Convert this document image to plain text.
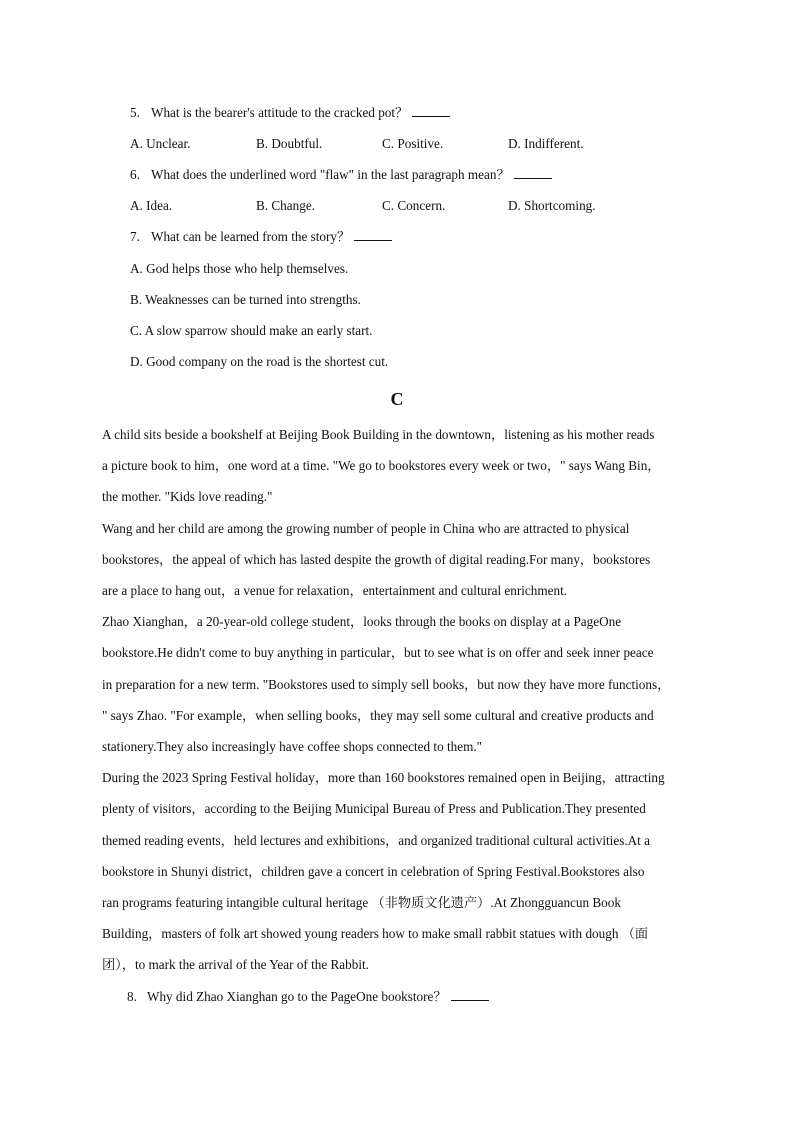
5. What is the bearer's attitude to the cracked pot？
A. Unclear.	B. Doubtful.	C. Positive.	D. Indifferent.
6. What does the underlined word "flaw" in the last paragraph mean？
A. Idea.	B. Change.	C. Concern.	D. Shortcoming.
7. What can be learned from the story？
A. God helps those who help themselves.
B. Weaknesses can be turned into strengths.
C. A slow sparrow should make an early start.
D. Good company on the road is the shortest cut.
C
A child sits beside a bookshelf at Beijing Book Building in the downtown，listening as his mother reads
a picture book to him，one word at a time. "We go to bookstores every week or two，" says Wang Bin，
the mother. "Kids love reading."
Wang and her child are among the growing number of people in China who are attracted to physical
bookstores，the appeal of which has lasted despite the growth of digital reading.For many，bookstores
are a place to hang out，a venue for relaxation，entertainment and cultural enrichment.
Zhao Xianghan，a 20-year-old college student，looks through the books on display at a PageOne
bookstore.He didn't come to buy anything in particular，but to see what is on offer and seek inner peace
in preparation for a new term. "Bookstores used to simply sell books，but now they have more functions，
" says Zhao. "For example，when selling books，they may sell some cultural and creative products and
stationery.They also increasingly have coffee shops connected to them."
During the 2023 Spring Festival holiday，more than 160 bookstores remained open in Beijing，attracting
plenty of visitors，according to the Beijing Municipal Bureau of Press and Publication.They presented
themed reading events，held lectures and exhibitions，and organized traditional cultural activities.At a
bookstore in Shunyi district，children gave a concert in celebration of Spring Festival.Bookstores also
ran programs featuring intangible cultural heritage （非物质文化遗产）.At Zhongguancun Book
Building，masters of folk art showed young readers how to make small rabbit statues with dough （面
团），to mark the arrival of the Year of the Rabbit.
8. Why did Zhao Xianghan go to the PageOne bookstore？
